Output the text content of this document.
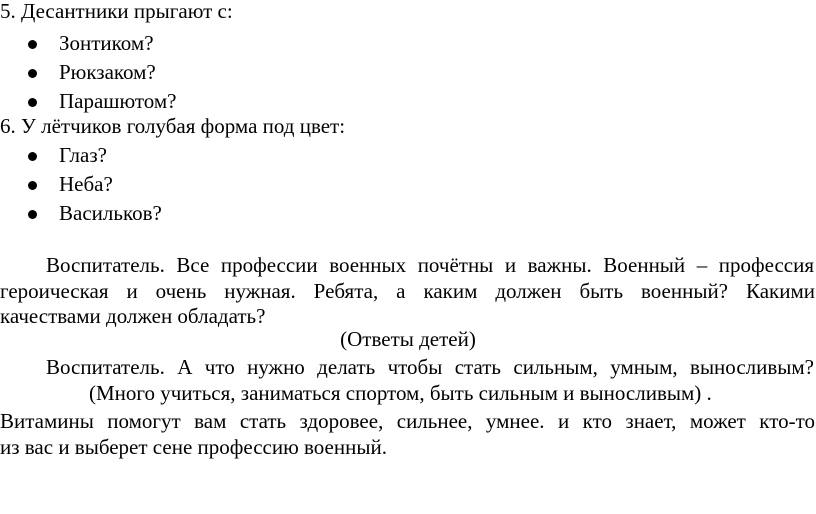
5. Десантники прыгают с:
Зонтиком?
Рюкзаком?
Парашютом?
6. У лётчиков голубая форма под цвет:
Глаз?
Неба?
Васильков?
Воспитатель. Все профессии военных почётны и важны. Военный – профессия
героическая и очень нужная. Ребята, а каким должен быть военный? Какими
качествами должен обладать?
(Ответы детей)
Воспитатель. А что нужно делать чтобы стать сильным, умным, выносливым?
(Много учиться, заниматься спортом, быть сильным и выносливым) .
Витамины помогут вам стать здоровее, сильнее, умнее. и кто знает, может кто-то
из вас и выберет сене профессию военный.
